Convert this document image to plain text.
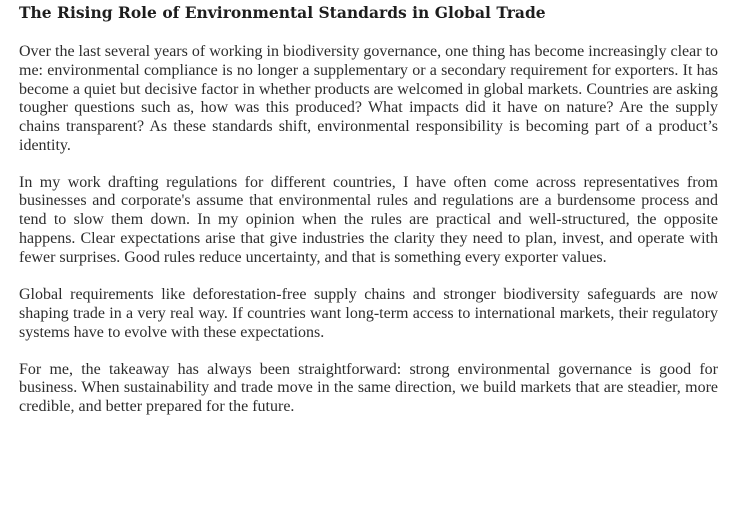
The Rising Role of Environmental Standards in Global Trade

Over the last several years of working in biodiversity governance, one thing has become increasingly clear to me: environmental compliance is no longer a supplementary or a secondary requirement for exporters. It has become a quiet but decisive factor in whether products are welcomed in global markets. Countries are asking tougher questions such as, how was this produced? What impacts did it have on nature? Are the supply chains transparent? As these standards shift, environmental responsibility is becoming part of a product’s identity.

In my work drafting regulations for different countries, I have often come across representatives from businesses and corporate's assume that environmental rules and regulations are a burdensome process and tend to slow them down. In my opinion when the rules are practical and well-structured, the opposite happens. Clear expectations arise that give industries the clarity they need to plan, invest, and operate with fewer surprises. Good rules reduce uncertainty, and that is something every exporter values.

Global requirements like deforestation-free supply chains and stronger biodiversity safeguards are now shaping trade in a very real way. If countries want long-term access to international markets, their regulatory systems have to evolve with these expectations.

For me, the takeaway has always been straightforward: strong environmental governance is good for business. When sustainability and trade move in the same direction, we build markets that are steadier, more credible, and better prepared for the future.
